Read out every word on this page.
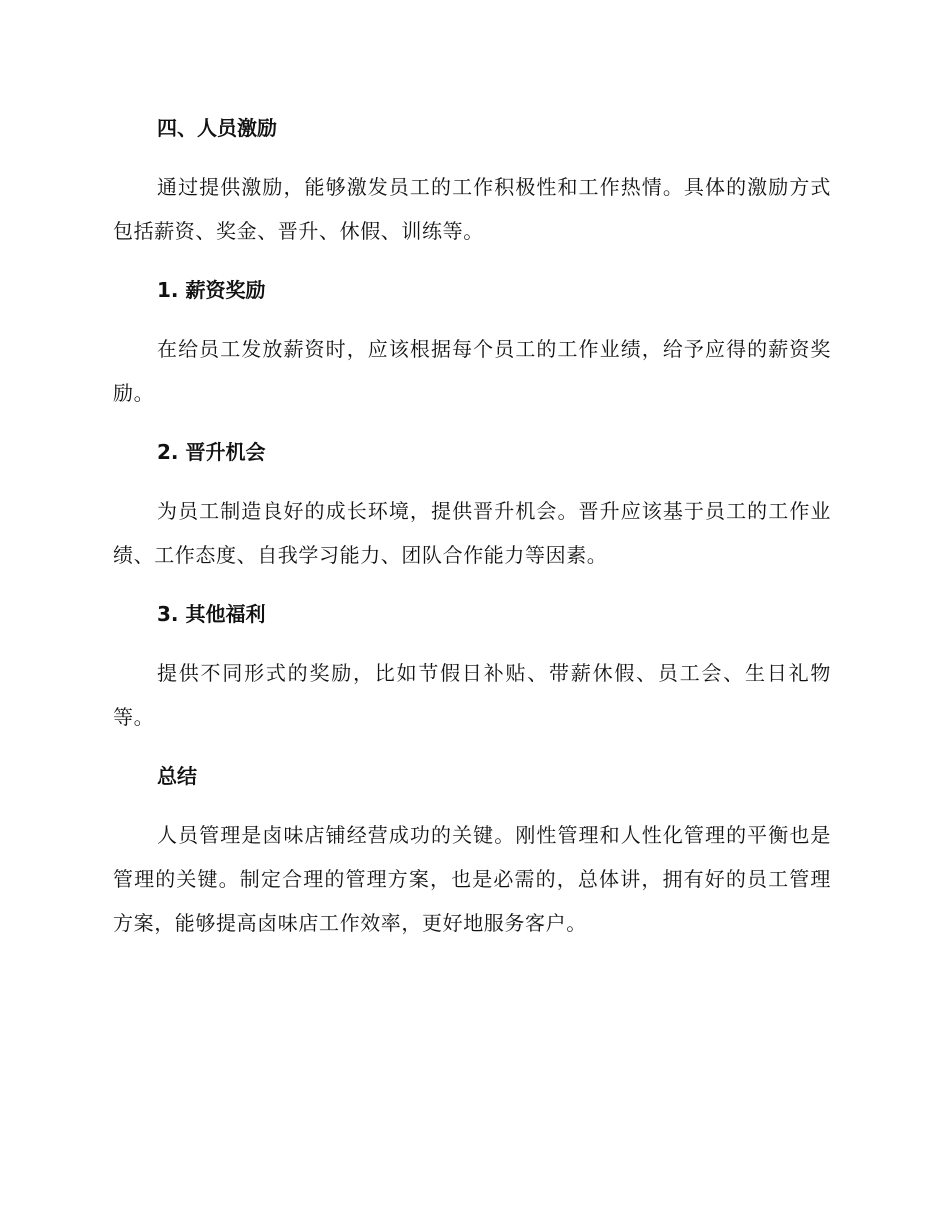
四、人员激励

通过提供激励，能够激发员工的工作积极性和工作热情。具体的激励方式包括薪资、奖金、晋升、休假、训练等。

1. 薪资奖励

在给员工发放薪资时，应该根据每个员工的工作业绩，给予应得的薪资奖励。

2. 晋升机会

为员工制造良好的成长环境，提供晋升机会。晋升应该基于员工的工作业绩、工作态度、自我学习能力、团队合作能力等因素。

3. 其他福利

提供不同形式的奖励，比如节假日补贴、带薪休假、员工会、生日礼物等。

总结

人员管理是卤味店铺经营成功的关键。刚性管理和人性化管理的平衡也是管理的关键。制定合理的管理方案，也是必需的，总体讲，拥有好的员工管理方案，能够提高卤味店工作效率，更好地服务客户。
